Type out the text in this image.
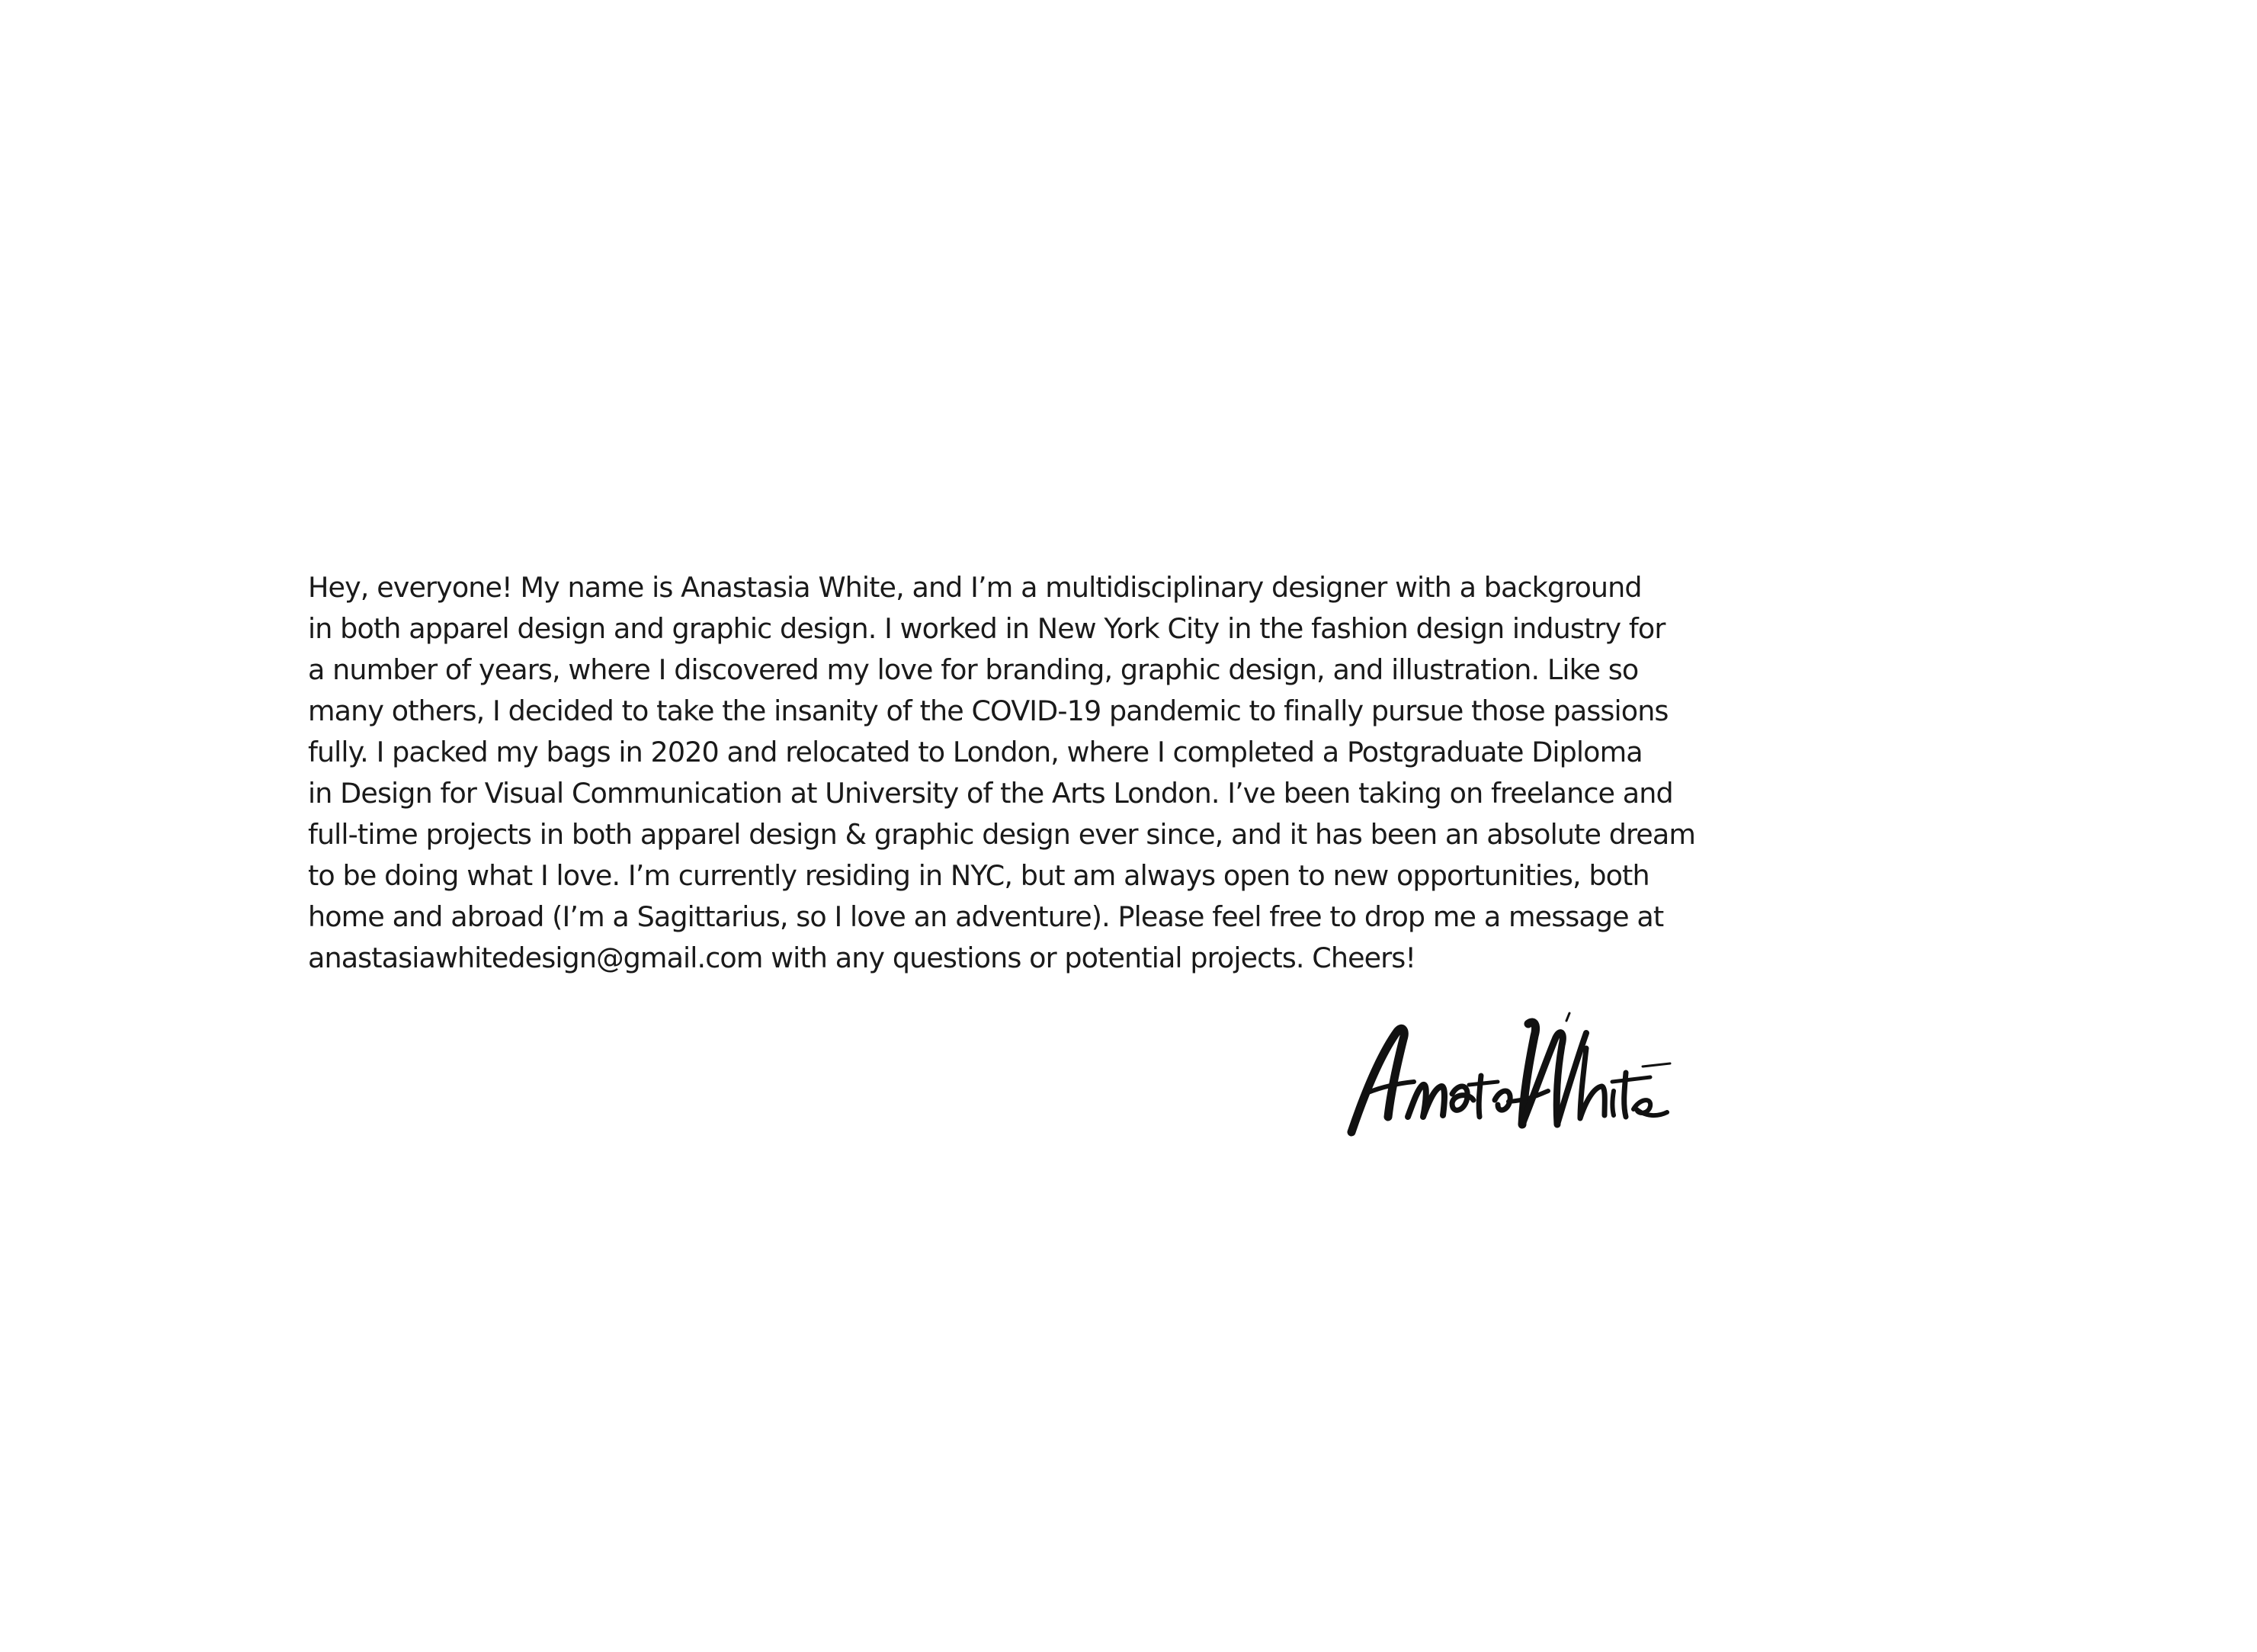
Hey, everyone! My name is Anastasia White, and I’m a multidisciplinary designer with a background
in both apparel design and graphic design. I worked in New York City in the fashion design industry for
a number of years, where I discovered my love for branding, graphic design, and illustration. Like so
many others, I decided to take the insanity of the COVID-19 pandemic to finally pursue those passions
fully. I packed my bags in 2020 and relocated to London, where I completed a Postgraduate Diploma
in Design for Visual Communication at University of the Arts London. I’ve been taking on freelance and
full-time projects in both apparel design & graphic design ever since, and it has been an absolute dream
to be doing what I love. I’m currently residing in NYC, but am always open to new opportunities, both
home and abroad (I’m a Sagittarius, so I love an adventure). Please feel free to drop me a message at
anastasiawhitedesign@gmail.com with any questions or potential projects. Cheers!
